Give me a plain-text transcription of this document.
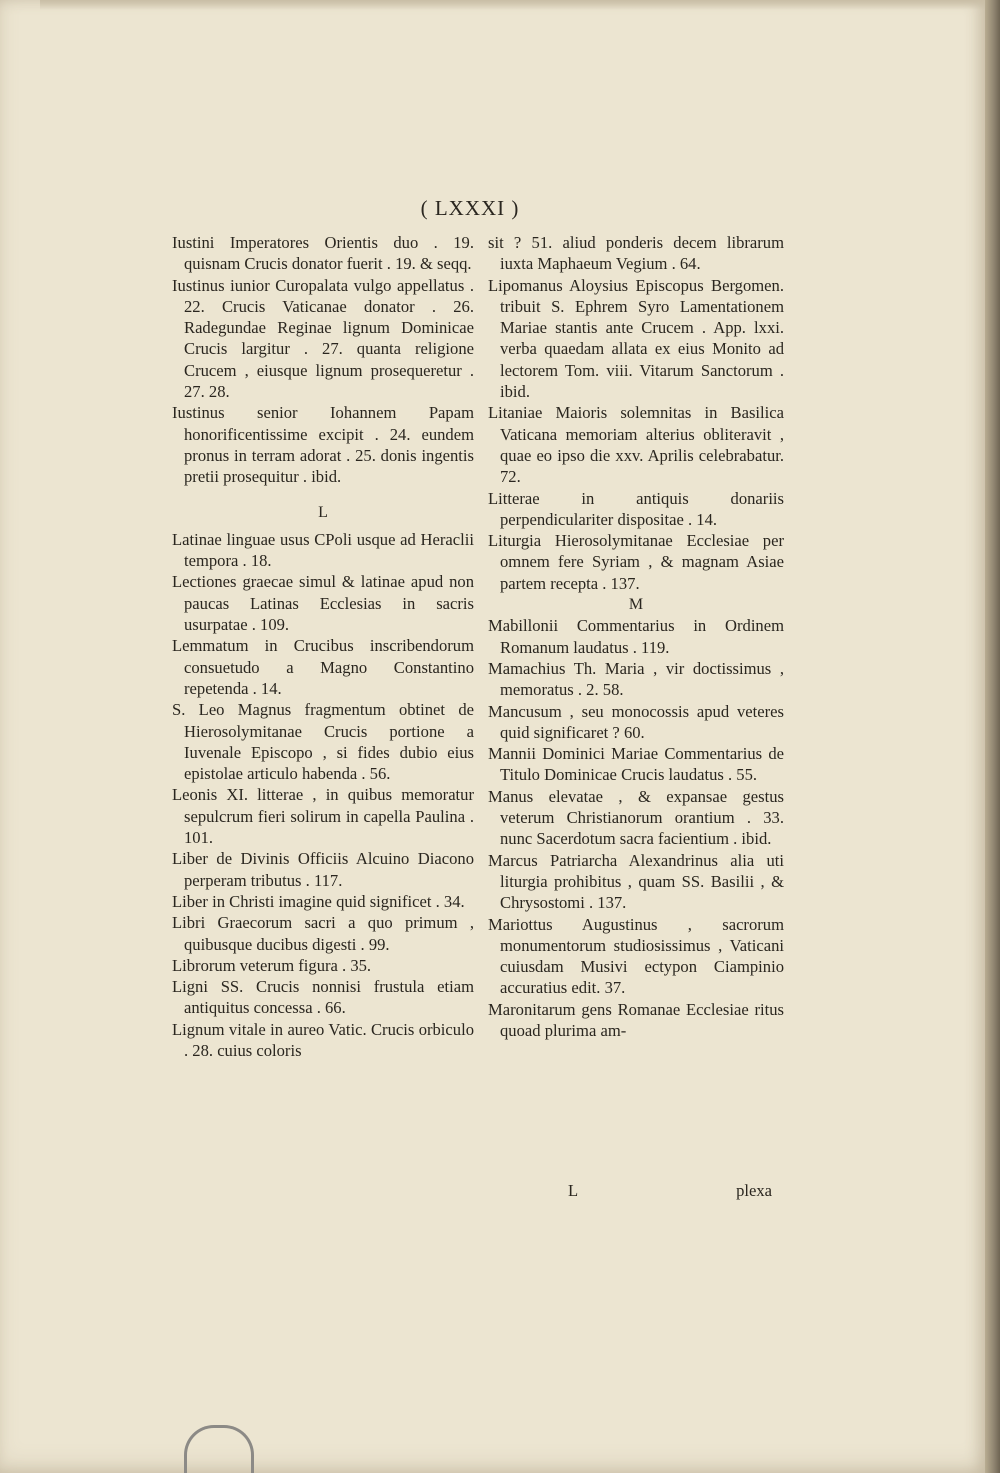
( LXXXI )

Iustini Imperatores Orientis duo . 19. quisnam Crucis donator fuerit . 19. & seqq.

Iustinus iunior Curopalata vulgo appellatus . 22. Crucis Vaticanae donator . 26. Radegundae Reginae lignum Dominicae Crucis largitur . 27. quanta religione Crucem , eiusque lignum prosequeretur . 27. 28.

Iustinus senior Iohannem Papam honorificentissime excipit . 24. eundem pronus in terram adorat . 25. donis ingentis pretii prosequitur . ibid.

L

Latinae linguae usus CPoli usque ad Heraclii tempora . 18.

Lectiones graecae simul & latinae apud non paucas Latinas Ecclesias in sacris usurpatae . 109.

Lemmatum in Crucibus inscribendorum consuetudo a Magno Constantino repetenda . 14.

S. Leo Magnus fragmentum obtinet de Hierosolymitanae Crucis portione a Iuvenale Episcopo , si fides dubio eius epistolae articulo habenda . 56.

Leonis XI. litterae , in quibus memoratur sepulcrum fieri solirum in capella Paulina . 101.

Liber de Divinis Officiis Alcuino Diacono perperam tributus . 117.

Liber in Christi imagine quid significet . 34.

Libri Graecorum sacri a quo primum , quibusque ducibus digesti . 99.

Librorum veterum figura . 35.

Ligni SS. Crucis nonnisi frustula etiam antiquitus concessa . 66.

Lignum vitale in aureo Vatic. Crucis orbiculo . 28. cuius coloris

sit ? 51. aliud ponderis decem librarum iuxta Maphaeum Vegium . 64.

Lipomanus Aloysius Episcopus Bergomen. tribuit S. Ephrem Syro Lamentationem Mariae stantis ante Crucem . App. lxxi. verba quaedam allata ex eius Monito ad lectorem Tom. viii. Vitarum Sanctorum . ibid.

Litaniae Maioris solemnitas in Basilica Vaticana memoriam alterius obliteravit , quae eo ipso die xxv. Aprilis celebrabatur. 72.

Litterae in antiquis donariis perpendiculariter dispositae . 14.

Liturgia Hierosolymitanae Ecclesiae per omnem fere Syriam , & magnam Asiae partem recepta . 137.

M

Mabillonii Commentarius in Ordinem Romanum laudatus . 119.

Mamachius Th. Maria , vir doctissimus , memoratus . 2. 58.

Mancusum , seu monocossis apud veteres quid significaret ? 60.

Mannii Dominici Mariae Commentarius de Titulo Dominicae Crucis laudatus . 55.

Manus elevatae , & expansae gestus veterum Christianorum orantium . 33. nunc Sacerdotum sacra facientium . ibid.

Marcus Patriarcha Alexandrinus alia uti liturgia prohibitus , quam SS. Basilii , & Chrysostomi . 137.

Mariottus Augustinus , sacrorum monumentorum studiosissimus , Vaticani cuiusdam Musivi ectypon Ciampinio accuratius edit. 37.

Maronitarum gens Romanae Ecclesiae ritus quoad plurima am-

L	plexa
